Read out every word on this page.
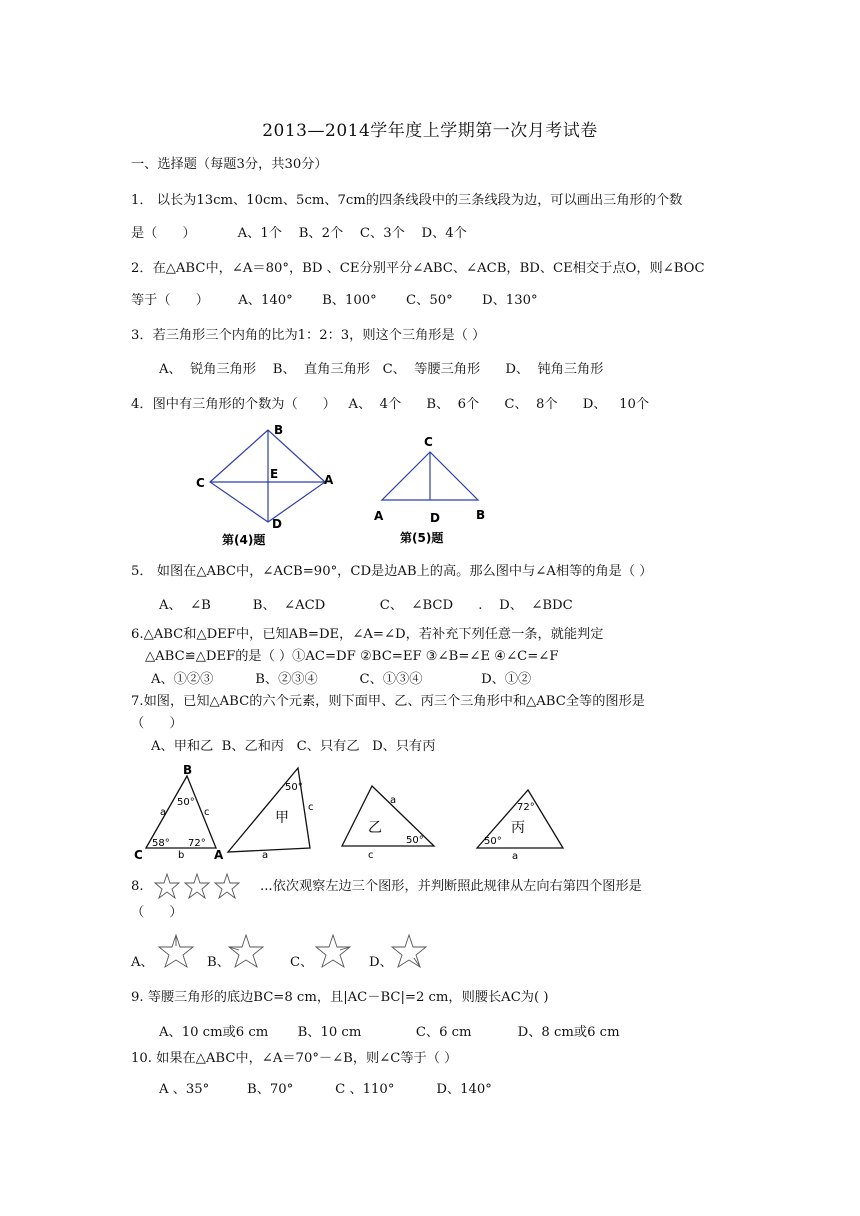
2013—2014学年度上学期第一次月考试卷
一、选择题（每题3分，共30分）
1． 以长为13cm、10cm、5cm、7cm的四条线段中的三条线段为边，可以画出三角形的个数
是（      ）          A、1个    B、2个    C、3个    D、4个
2．在△ABC中，∠A＝80°，BD 、CE分别平分∠ABC、∠ACB，BD、CE相交于点O，则∠BOC
等于（      ）       A、140°       B、100°       C、50°       D、130°
3．若三角形三个内角的比为1：2：3，则这个三角形是（ ）
A、  锐角三角形    B、  直角三角形   C、  等腰三角形      D、  钝角三角形
4．图中有三角形的个数为（      ）   A、  4个      B、  6个      C、  8个      D、   10个
B
C
E	A
D
第(4)题
C
A	D	B
第(5)题
5． 如图在△ABC中，∠ACB=90°，CD是边AB上的高。那么图中与∠A相等的角是（ ）
A、  ∠B          B、  ∠ACD             C、  ∠BCD      .    D、  ∠BDC
6.△ABC和△DEF中，已知AB=DE，∠A=∠D，若补充下列任意一条，就能判定
△ABC≌△DEF的是（ ）①AC=DF ②BC=EF ③∠B=∠E ④∠C=∠F
A、①②③          B、②③④          C、①③④              D、①②
7.如图，已知△ABC的六个元素，则下面甲、乙、丙三个三角形中和△ABC全等的图形是
（      ）
A、甲和乙  B、乙和丙   C、只有乙   D、只有丙
B
C	A
a	c
b
50°
58° 72°
50°
c
a
甲
a
c
50°
乙
72°
50°
a
丙
8.	...依次观察左边三个图形，并判断照此规律从左向右第四个图形是
（      ）
A、	B、	C、	D、
9. 等腰三角形的底边BC=8 cm，且|AC－BC|=2 cm，则腰长AC为( )
A、10 cm或6 cm       B、10 cm             C、6 cm           D、8 cm或6 cm
10. 如果在△ABC中，∠A＝70°－∠B，则∠C等于（ ）
A 、35°         B、70°          C 、110°          D、140°
